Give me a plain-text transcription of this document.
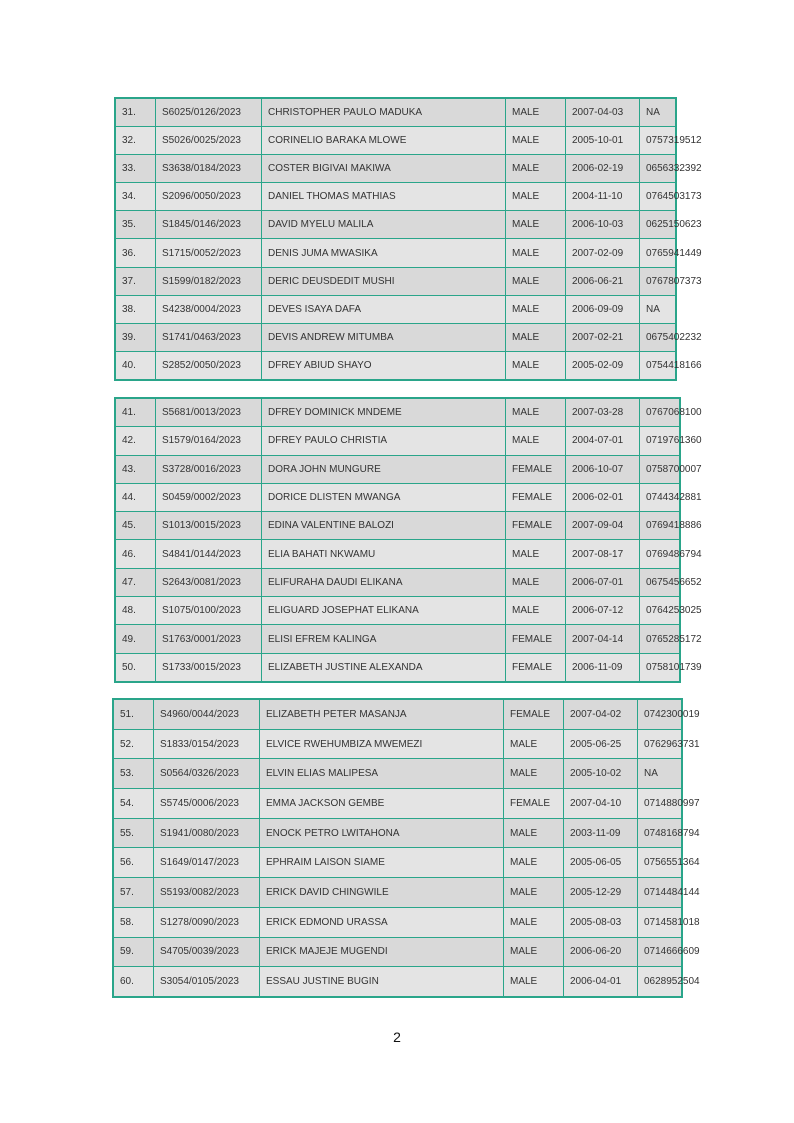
31.	S6025/0126/2023	CHRISTOPHER PAULO MADUKA	MALE	2007-04-03	NA
32.	S5026/0025/2023	CORINELIO BARAKA MLOWE	MALE	2005-10-01	0757319512
33.	S3638/0184/2023	COSTER BIGIVAI MAKIWA	MALE	2006-02-19	0656332392
34.	S2096/0050/2023	DANIEL THOMAS MATHIAS	MALE	2004-11-10	0764503173
35.	S1845/0146/2023	DAVID MYELU MALILA	MALE	2006-10-03	0625150623
36.	S1715/0052/2023	DENIS JUMA MWASIKA	MALE	2007-02-09	0765941449
37.	S1599/0182/2023	DERIC DEUSDEDIT MUSHI	MALE	2006-06-21	0767807373
38.	S4238/0004/2023	DEVES ISAYA DAFA	MALE	2006-09-09	NA
39.	S1741/0463/2023	DEVIS ANDREW MITUMBA	MALE	2007-02-21	0675402232
40.	S2852/0050/2023	DFREY ABIUD SHAYO	MALE	2005-02-09	0754418166
41.	S5681/0013/2023	DFREY DOMINICK MNDEME	MALE	2007-03-28	0767068100
42.	S1579/0164/2023	DFREY PAULO CHRISTIA	MALE	2004-07-01	0719761360
43.	S3728/0016/2023	DORA JOHN MUNGURE	FEMALE	2006-10-07	0758700007
44.	S0459/0002/2023	DORICE DLISTEN MWANGA	FEMALE	2006-02-01	0744342881
45.	S1013/0015/2023	EDINA VALENTINE BALOZI	FEMALE	2007-09-04	0769418886
46.	S4841/0144/2023	ELIA BAHATI NKWAMU	MALE	2007-08-17	0769486794
47.	S2643/0081/2023	ELIFURAHA DAUDI ELIKANA	MALE	2006-07-01	0675456652
48.	S1075/0100/2023	ELIGUARD JOSEPHAT ELIKANA	MALE	2006-07-12	0764253025
49.	S1763/0001/2023	ELISI EFREM KALINGA	FEMALE	2007-04-14	0765285172
50.	S1733/0015/2023	ELIZABETH JUSTINE ALEXANDA	FEMALE	2006-11-09	0758101739
51.	S4960/0044/2023	ELIZABETH PETER MASANJA	FEMALE	2007-04-02	0742300019
52.	S1833/0154/2023	ELVICE RWEHUMBIZA MWEMEZI	MALE	2005-06-25	0762963731
53.	S0564/0326/2023	ELVIN ELIAS MALIPESA	MALE	2005-10-02	NA
54.	S5745/0006/2023	EMMA JACKSON GEMBE	FEMALE	2007-04-10	0714880997
55.	S1941/0080/2023	ENOCK PETRO LWITAHONA	MALE	2003-11-09	0748168794
56.	S1649/0147/2023	EPHRAIM LAISON SIAME	MALE	2005-06-05	0756551364
57.	S5193/0082/2023	ERICK DAVID CHINGWILE	MALE	2005-12-29	0714484144
58.	S1278/0090/2023	ERICK EDMOND URASSA	MALE	2005-08-03	0714581018
59.	S4705/0039/2023	ERICK MAJEJE MUGENDI	MALE	2006-06-20	0714666609
60.	S3054/0105/2023	ESSAU JUSTINE BUGIN	MALE	2006-04-01	0628952504
2
